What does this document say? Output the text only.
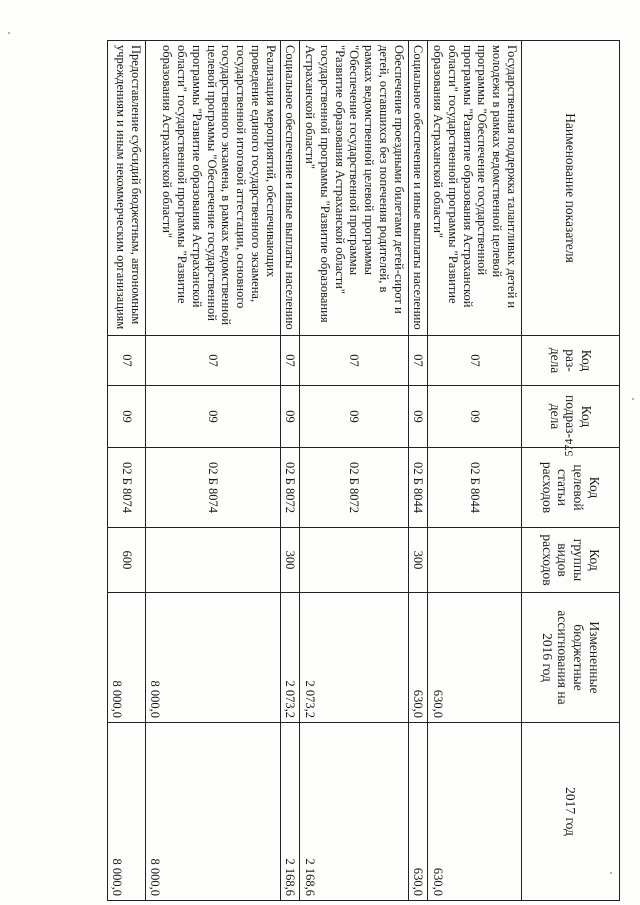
574
Наименование показателя	Код раз-дела	Код подраз-дела	Код целевой статьи расходов	Код группы видов расходов	Измененные бюджетные ассигнования на 2016 год	2017 год
Государственная поддержка талантливых детей и молодежи в рамках ведомственной целевой программы "Обеспечение государственной программы "Развитие образования Астраханской области" государственной программы "Развитие образования Астраханской области"	07	09	02 Б 8044		630,0	630,0
Социальное обеспечение и иные выплаты населению	07	09	02 Б 8044	300	630,0	630,0
Обеспечение проездными билетами детей-сирот и детей, оставшихся без попечения родителей, в рамках ведомственной целевой программы "Обеспечение государственной программы "Развитие образования Астраханской области" государственной программы "Развитие образования Астраханской области"	07	09	02 Б 8072		2 073,2	2 168,6
Социальное обеспечение и иные выплаты населению	07	09	02 Б 8072	300	2 073,2	2 168,6
Реализация мероприятий, обеспечивающих проведение единого государственного экзамена, государственной итоговой аттестации, основного государственного экзамена, в рамках ведомственной целевой программы "Обеспечение государственной программы "Развитие образования Астраханской области" государственной программы "Развитие образования Астраханской области"	07	09	02 Б 8074		8 000,0	8 000,0
Предоставление субсидий бюджетным, автономным учреждениям и иным некоммерческим организациям	07	09	02 Б 8074	600	8 000,0	8 000,0
